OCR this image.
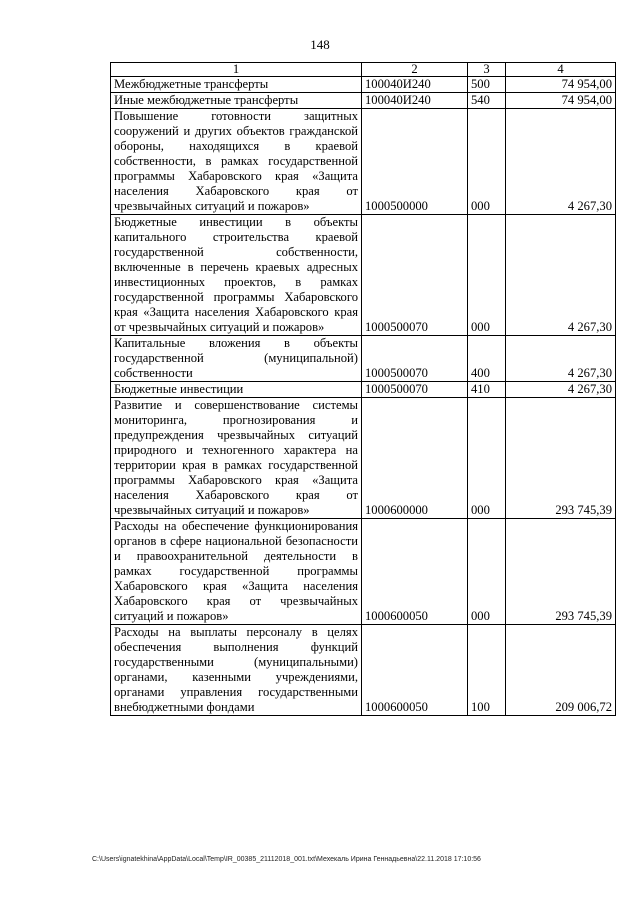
148
1	2	3	4
Межбюджетные трансферты	100040И240	500	74 954,00
Иные межбюджетные трансферты	100040И240	540	74 954,00
Повышение готовности защитных сооружений и других объектов гражданской обороны, находящихся в краевой собственности, в рамках государственной программы Хабаровского края «Защита населения Хабаровского края от чрезвычайных ситуаций и пожаров»	1000500000	000	4 267,30
Бюджетные инвестиции в объекты капитального строительства краевой государственной собственности, включенные в перечень краевых адресных инвестиционных проектов, в рамках государственной программы Хабаровского края «Защита населения Хабаровского края от чрезвычайных ситуаций и пожаров»	1000500070	000	4 267,30
Капитальные вложения в объекты государственной (муниципальной) собственности	1000500070	400	4 267,30
Бюджетные инвестиции	1000500070	410	4 267,30
Развитие и совершенствование системы мониторинга, прогнозирования и предупреждения чрезвычайных ситуаций природного и техногенного характера на территории края в рамках государственной программы Хабаровского края «Защита населения Хабаровского края от чрезвычайных ситуаций и пожаров»	1000600000	000	293 745,39
Расходы на обеспечение функционирования органов в сфере национальной безопасности и правоохранительной деятельности в рамках государственной программы Хабаровского края «Защита населения Хабаровского края от чрезвычайных ситуаций и пожаров»	1000600050	000	293 745,39
Расходы на выплаты персоналу в целях обеспечения выполнения функций государственными (муниципальными) органами, казенными учреждениями, органами управления государственными внебюджетными фондами	1000600050	100	209 006,72
C:\Users\ignatekhina\AppData\Local\Temp\IR_00385_21112018_001.txt\Мехекаль Ирина Геннадьевна\22.11.2018 17:10:56
